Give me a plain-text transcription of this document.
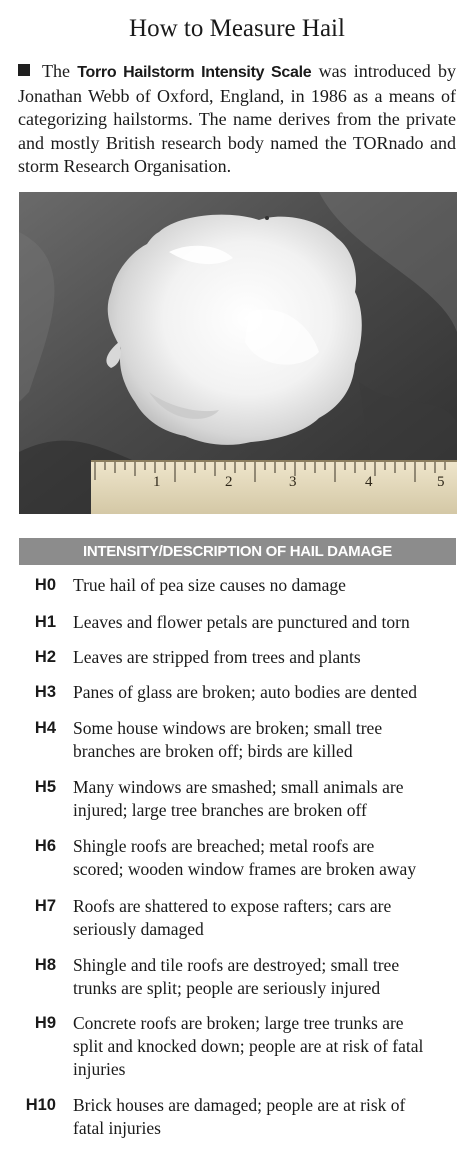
How to Measure Hail
The Torro Hailstorm Intensity Scale was introduced by Jonathan Webb of Oxford, England, in 1986 as a means of categorizing hailstorms. The name derives from the private and mostly British research body named the TORnado and storm Research Organisation.
1	2	3	4	5
INTENSITY/DESCRIPTION OF HAIL DAMAGE
H0 True hail of pea size causes no damage
H1 Leaves and flower petals are punctured and torn
H2 Leaves are stripped from trees and plants
H3 Panes of glass are broken; auto bodies are dented
H4 Some house windows are broken; small tree
branches are broken off; birds are killed
H5 Many windows are smashed; small animals are
injured; large tree branches are broken off
H6 Shingle roofs are breached; metal roofs are
scored; wooden window frames are broken away
H7 Roofs are shattered to expose rafters; cars are
seriously damaged
H8 Shingle and tile roofs are destroyed; small tree
trunks are split; people are seriously injured
H9 Concrete roofs are broken; large tree trunks are
split and knocked down; people are at risk of fatal
injuries
H10 Brick houses are damaged; people are at risk of
fatal injuries
